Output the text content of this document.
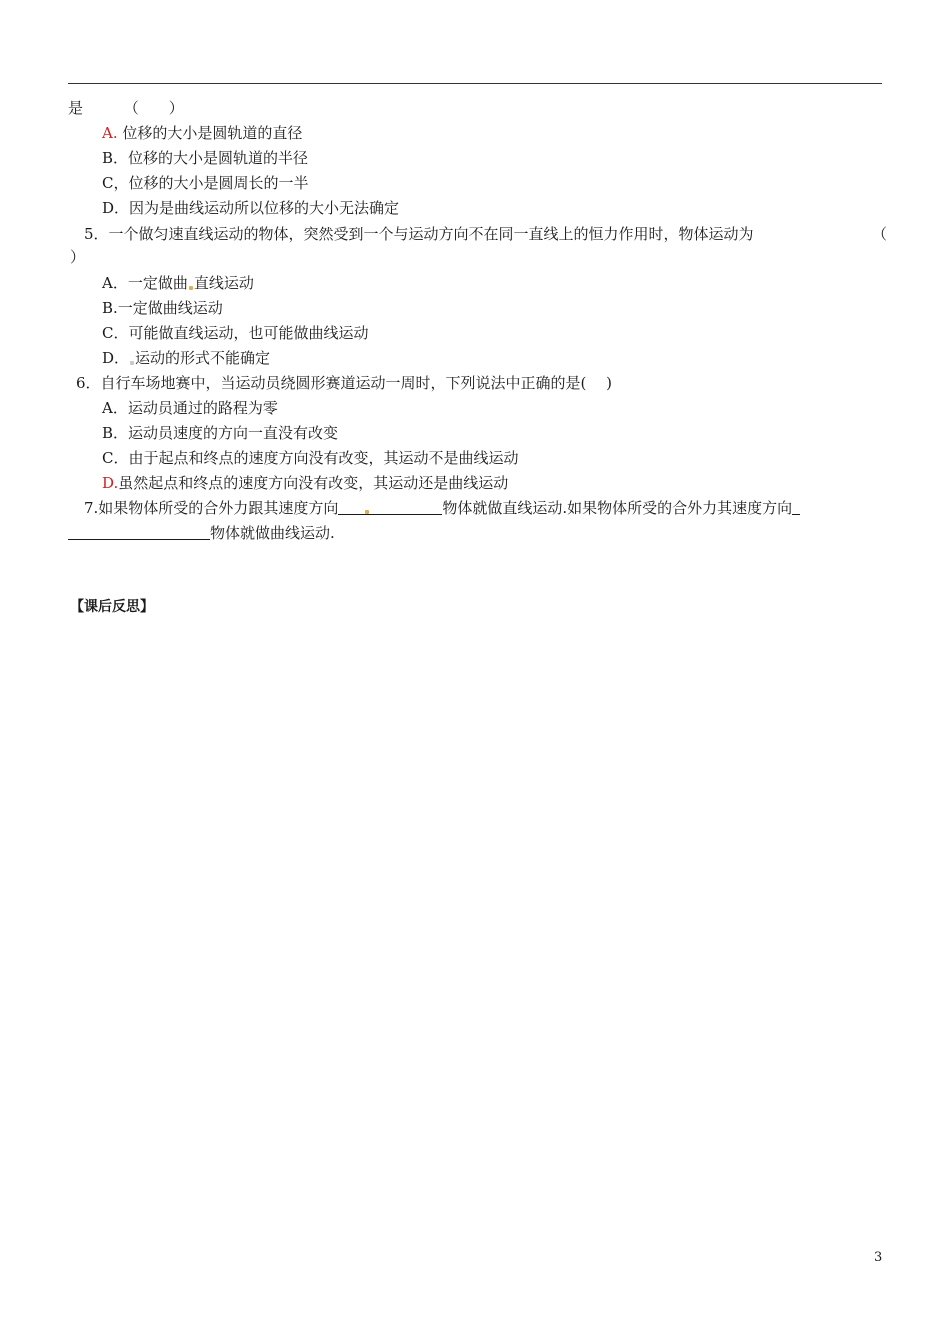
是	（　　）
A. 位移的大小是圆轨道的直径
B．位移的大小是圆轨道的半径
C，位移的大小是圆周长的一半
D．因为是曲线运动所以位移的大小无法确定
5．一个做匀速直线运动的物体，突然受到一个与运动方向不在同一直线上的恒力作用时，物体运动为	（
）
A．一定做曲 直线运动
B.一定做曲线运动
C．可能做直线运动，也可能做曲线运动
D． 运动的形式不能确定
6．自行车场地赛中，当运动员绕圆形赛道运动一周时，下列说法中正确的是(　 )
A．运动员通过的路程为零
B．运动员速度的方向一直没有改变
C．由于起点和终点的速度方向没有改变，其运动不是曲线运动
D.虽然起点和终点的速度方向没有改变，其运动还是曲线运动
7.如果物体所受的合外力跟其速度方向	物体就做直线运动.如果物体所受的合外力其速度方向
物体就做曲线运动.
【课后反思】
3
